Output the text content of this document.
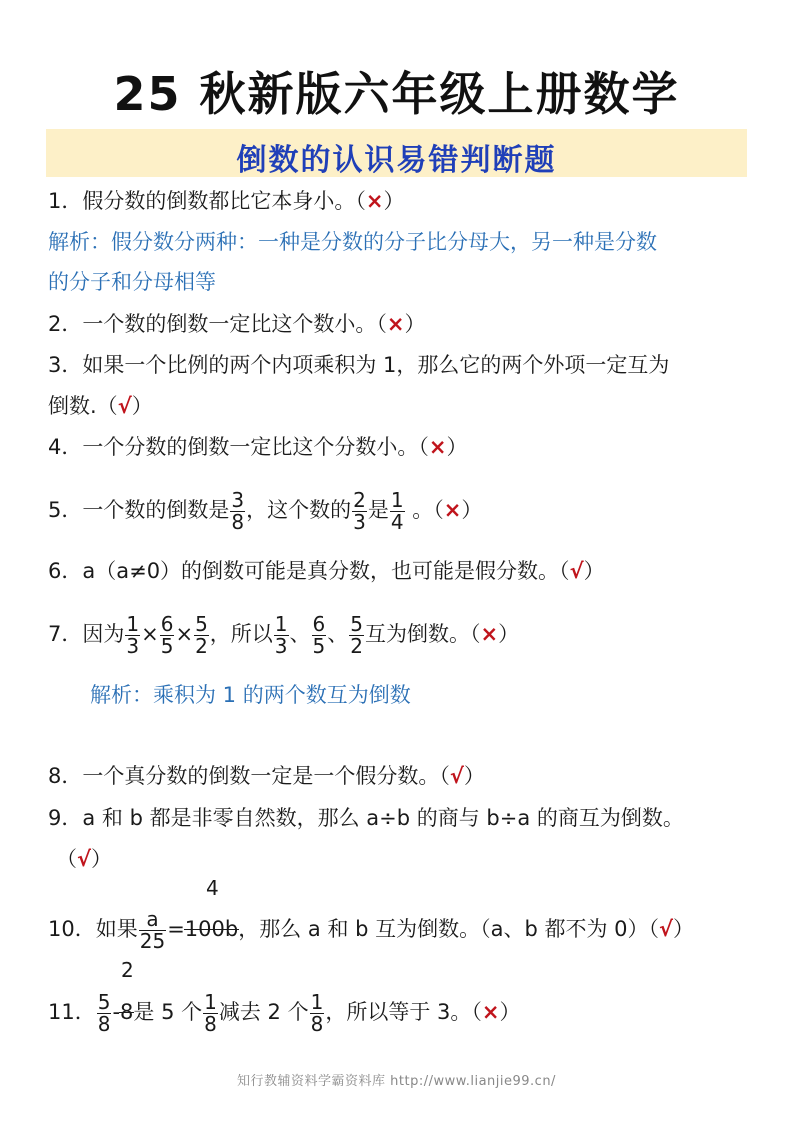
25 秋新版六年级上册数学
倒数的认识易错判断题
1．假分数的倒数都比它本身小。（×）
解析：假分数分两种：一种是分数的分子比分母大，另一种是分数
的分子和分母相等
2．一个数的倒数一定比这个数小。（×）
3．如果一个比例的两个内项乘积为 1，那么它的两个外项一定互为
倒数.（√）
4．一个分数的倒数一定比这个分数小。（×）
5．一个数的倒数是 $\frac{3}{8}$ ，这个数的 $\frac{2}{3}$ 是 $\frac{1}{4}$ 。（×）
6．a（a≠0）的倒数可能是真分数，也可能是假分数。（√）
7．因为 $\frac{1}{3} \times \frac{6}{5} \times \frac{5}{2}$ ，所以 $\frac{1}{3}$ 、 $\frac{6}{5}$ 、 $\frac{5}{2}$ 互为倒数。（×）
解析：乘积为 1 的两个数互为倒数
8．一个真分数的倒数一定是一个假分数。（√）
9．a 和 b 都是非零自然数，那么 a÷b 的商与 b÷a 的商互为倒数。
（√）
4
10．如果 $\frac{a}{25} =100b$，那么 a 和 b 互为倒数。（a、b 都不为 0）（√）
2
11． $\frac{5}{8} -8$是 5 个 $\frac{1}{8}$ 减去 2 个 $\frac{1}{8}$ ，所以等于 3。（×）
知行教辅资料学霸资料库 http://www.lianjie99.cn/
